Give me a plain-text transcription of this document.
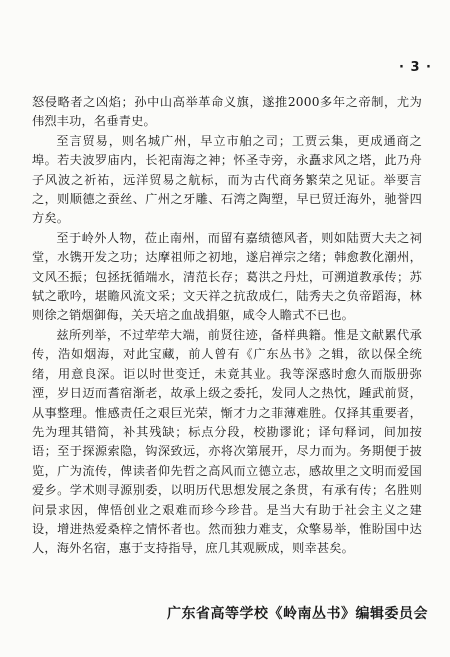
· 3 ·

怒侵略者之凶焰；孙中山高举革命义旗，遂推2000多年之帝制，尤为伟烈丰功，名垂青史。

至言贸易，则名城广州，早立市舶之司；工贾云集，更成通商之埠。若夫波罗庙内，长祀南海之神；怀圣寺旁，永矗求风之塔，此乃舟子风波之祈祐，远洋贸易之航标，而为古代商务繁荣之见证。举要言之，则顺德之蚕丝、广州之牙雕、石湾之陶塑，早已贸迁海外，驰誉四方矣。

至于岭外人物，莅止南州，而留有嘉绩德风者，则如陆贾大夫之祠堂，水镌开发之功；达摩祖师之初地，遂启禅宗之绪；韩愈教化潮州，文风丕振；包拯抚循端水，清范长存；葛洪之丹灶，可溯道教承传；苏轼之歌吟，堪瞻风流文采；文天祥之抗敌成仁，陆秀夫之负帝蹈海，林则徐之销烟御侮，关天培之血战捐躯，咸令人瞻式不已也。

兹所列举，不过荦荦大端，前贤往迹，备样典籍。惟是文献累代承传，浩如烟海，对此宝藏，前人曾有《广东丛书》之辑，欲以保全统绪，用意良深。讵以时世变迁，未竟其业。我等深惑时愈久而版册弥湮，岁日迈而耆宿渐老，故承上级之委托，发同人之热忱，踵武前贤，从事整理。惟感责任之艰巨光荣，惭才力之菲薄难胜。仅择其重要者，先为理其错简，补其残缺；标点分段，校勘谬讹；译句释词，间加按语；至于探源索隐，钩深致远，亦将次第展开，尽力而为。务期便于披览，广为流传，俾读者仰先哲之高风而立德立志，感故里之文明而爱国爱乡。学术则寻源别委，以明历代思想发展之条贯，有承有传；名胜则问景求因，俾悟创业之艰难而珍今珍昔。是当大有助于社会主义之建设，增进热爱桑梓之情怀者也。然而独力难支，众擎易举，惟盼国中达人，海外名宿，惠于支持指导，庶几其观厥成，则幸甚矣。

广东省高等学校《岭南丛书》编辑委员会
